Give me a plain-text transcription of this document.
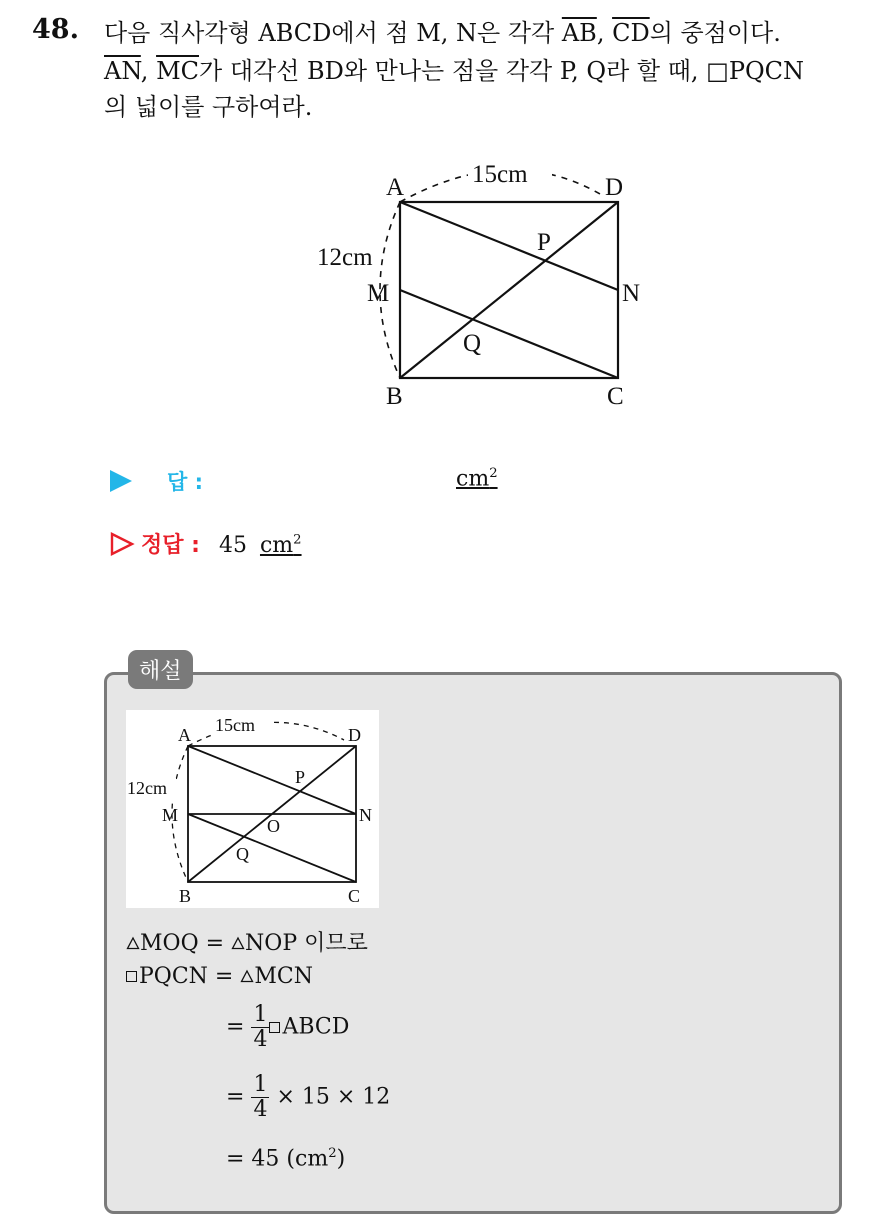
48. 다음 직사각형 ABCD에서 점 M, N은 각각 $\overline{AB}$, $\overline{CD}$의 중점이다.
$\overline{AN}$, $\overline{MC}$가 대각선 BD와 만나는 점을 각각 P, Q라 할 때, □PQCN
의 넓이를 구하여라.
A	D
B	C
M	N
P
Q
15cm
12cm
답 :	$cm^2$
정답 : 45 $cm^2$
해설
A	D
B	C
M	N
O
P
Q
15cm
12cm
MOQ = NOP 이므로
PQCN = MCN
= $\frac{1}{4}$ ABCD
= $\frac{1}{4} \times 15 \times 12$
= 45 $(cm^2)$
